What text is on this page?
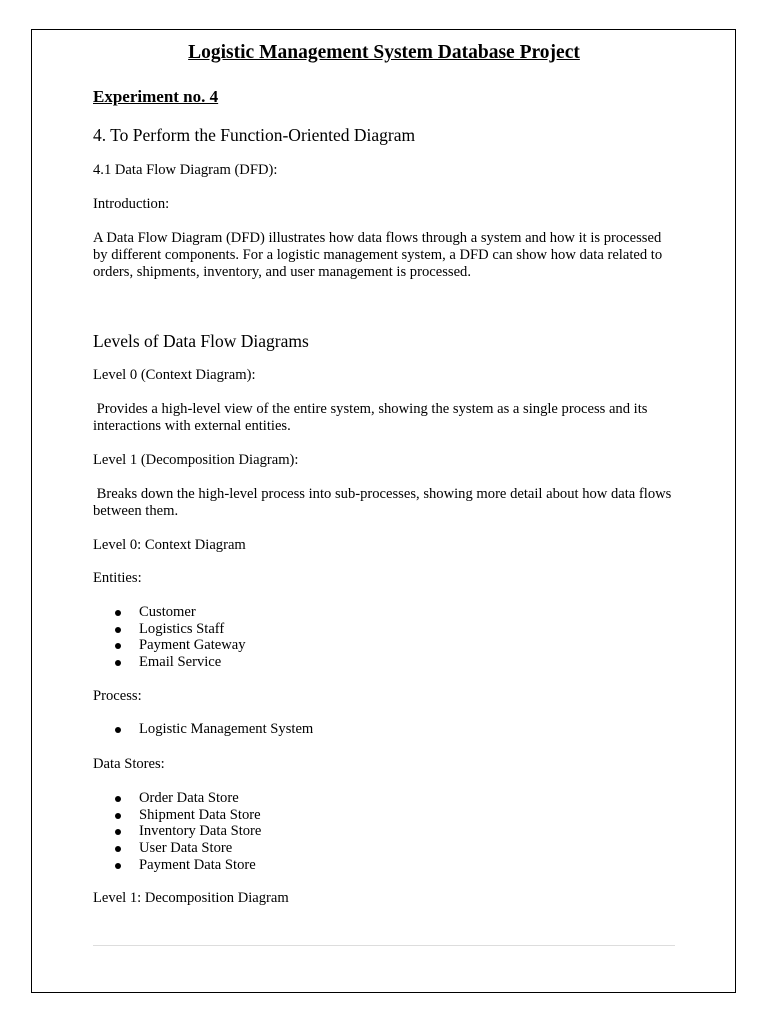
Logistic Management System Database Project
Experiment no. 4
4. To Perform the Function-Oriented Diagram
4.1 Data Flow Diagram (DFD):
Introduction:
A Data Flow Diagram (DFD) illustrates how data flows through a system and how it is processed by different components. For a logistic management system, a DFD can show how data related to orders, shipments, inventory, and user management is processed.
Levels of Data Flow Diagrams
Level 0 (Context Diagram):
Provides a high-level view of the entire system, showing the system as a single process and its interactions with external entities.
Level 1 (Decomposition Diagram):
Breaks down the high-level process into sub-processes, showing more detail about how data flows between them.
Level 0: Context Diagram
Entities:
Customer
Logistics Staff
Payment Gateway
Email Service
Process:
Logistic Management System
Data Stores:
Order Data Store
Shipment Data Store
Inventory Data Store
User Data Store
Payment Data Store
Level 1: Decomposition Diagram
